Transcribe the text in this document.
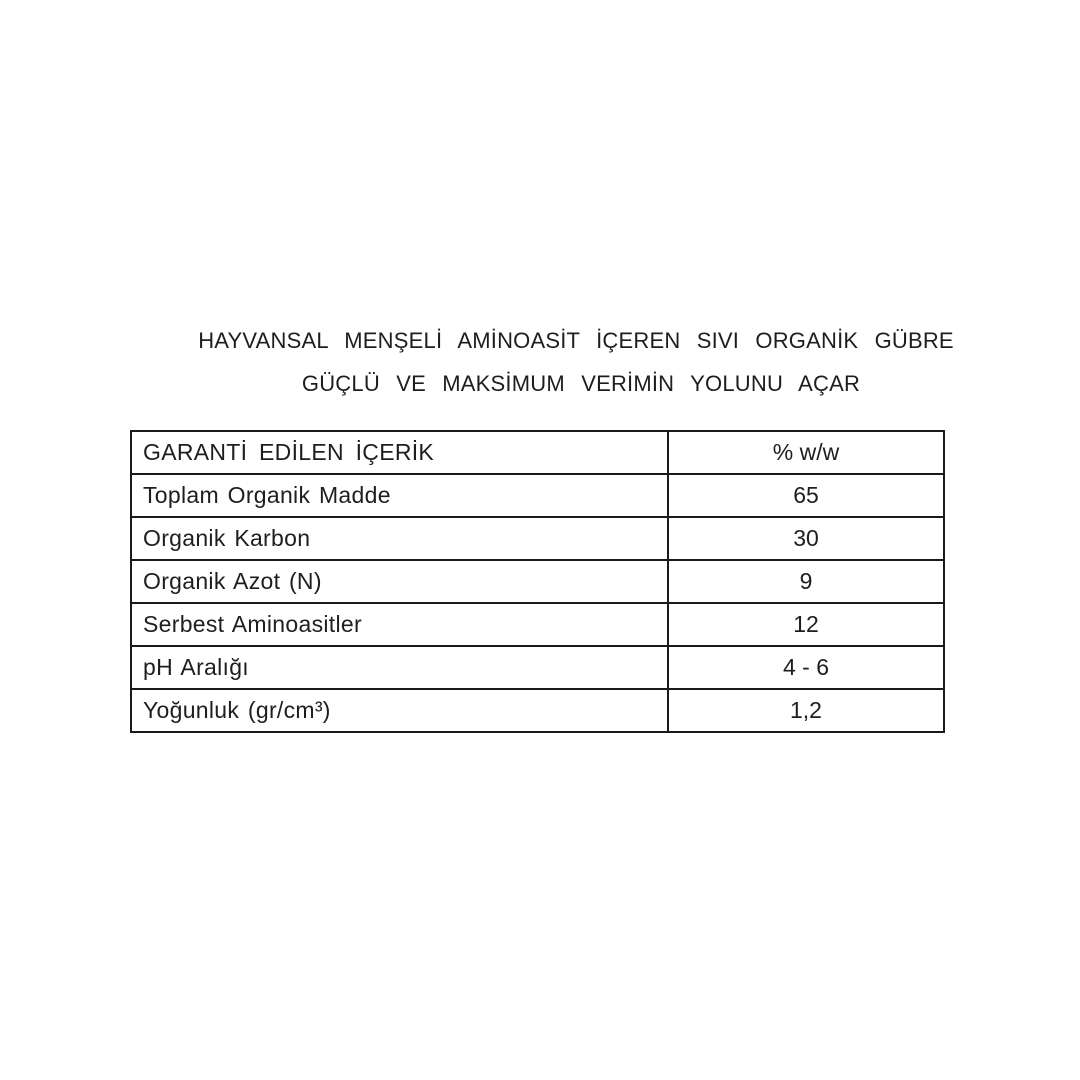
HAYVANSAL MENŞELİ AMİNOASİT İÇEREN SIVI ORGANİK GÜBRE
GÜÇLÜ VE MAKSİMUM VERİMİN YOLUNU AÇAR
GARANTİ EDİLEN İÇERİK	% w/w
Toplam Organik Madde	65
Organik Karbon	30
Organik Azot (N)	9
Serbest Aminoasitler	12
pH Aralığı	4 - 6
Yoğunluk (gr/cm³)	1,2
